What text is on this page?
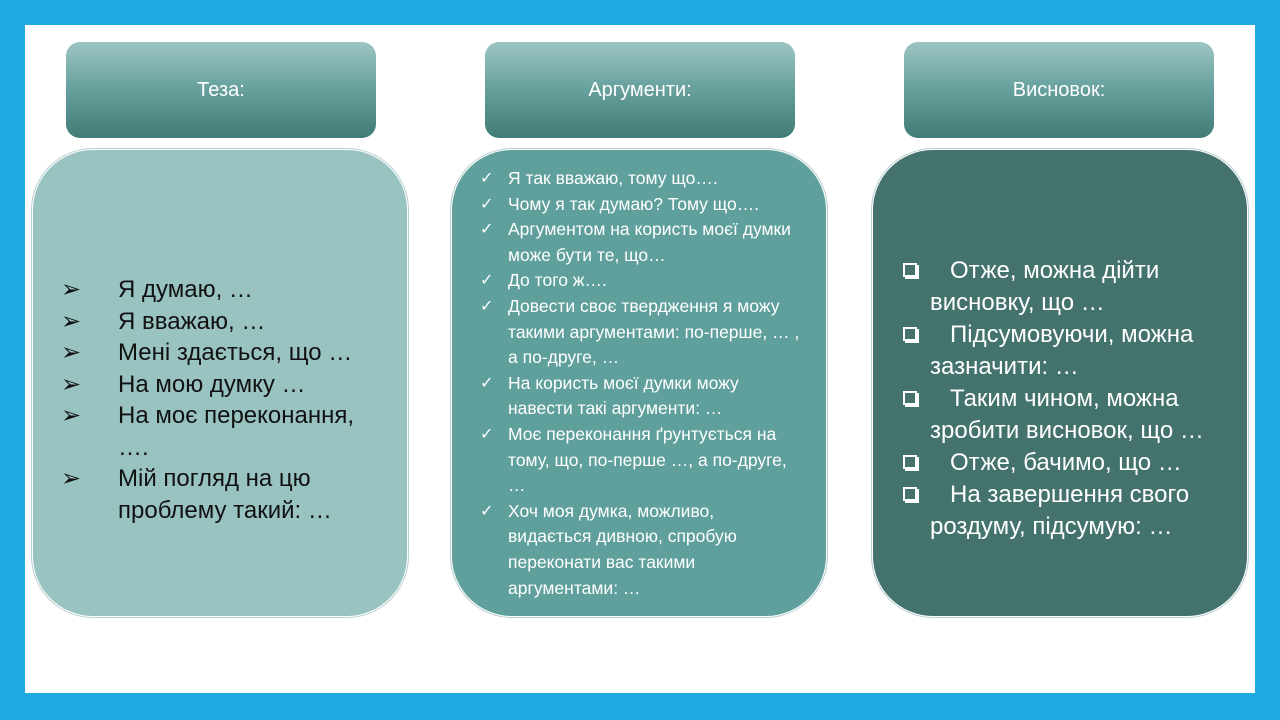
Теза:	Аргументи:	Висновок:
➢	Я думаю, …
➢	Я вважаю, …
➢	Мені здається, що …
➢	На мою думку …
➢	На моє переконання, ….
➢	Мій погляд на цю проблему такий: …
✓ Я так вважаю, тому що….
✓ Чому я так думаю? Тому що….
✓ Аргументом на користь моєї думки може бути те, що…
✓ До того ж….
✓ Довести своє твердження я можу такими аргументами: по-перше, … , а по-друге, …
✓ На користь моєї думки можу навести такі аргументи: …
✓ Моє переконання ґрунтується на тому, що, по-перше …, а по-друге, …
✓ Хоч моя думка, можливо, видається дивною, спробую переконати вас такими аргументами: …
Отже, можна дійти висновку, що …
Підсумовуючи, можна зазначити: …
Таким чином, можна зробити висновок, що …
Отже, бачимо, що …
На завершення свого роздуму, підсумую: …
